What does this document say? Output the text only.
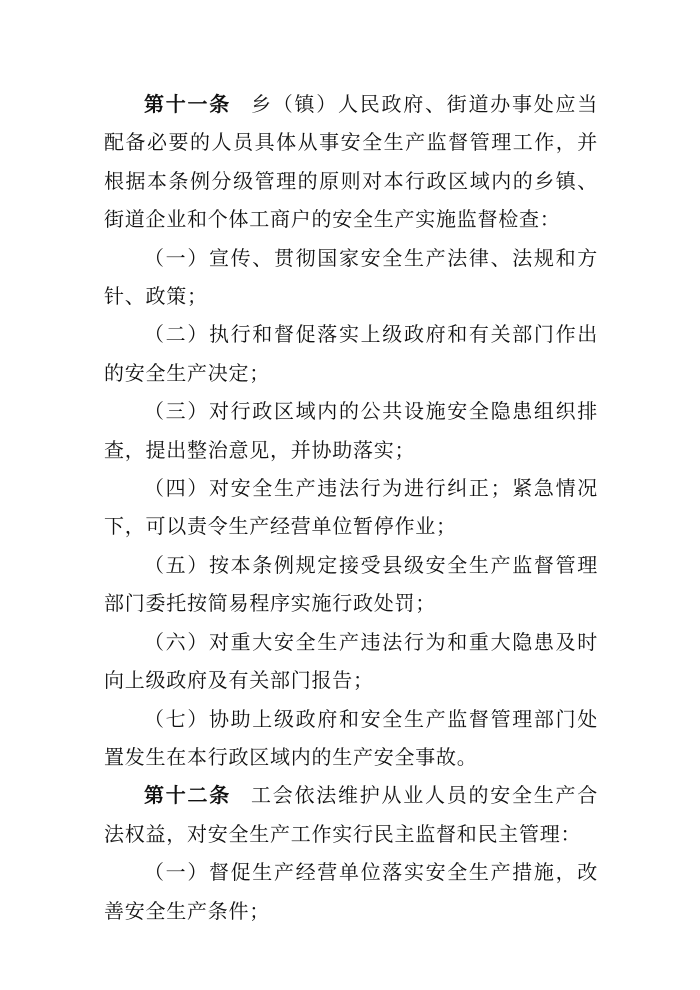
第十一条 乡（镇）人民政府、街道办事处应当配备必要的人员具体从事安全生产监督管理工作，并根据本条例分级管理的原则对本行政区域内的乡镇、街道企业和个体工商户的安全生产实施监督检查：

（一）宣传、贯彻国家安全生产法律、法规和方针、政策；

（二）执行和督促落实上级政府和有关部门作出的安全生产决定；

（三）对行政区域内的公共设施安全隐患组织排查，提出整治意见，并协助落实；

（四）对安全生产违法行为进行纠正；紧急情况下，可以责令生产经营单位暂停作业；

（五）按本条例规定接受县级安全生产监督管理部门委托按简易程序实施行政处罚；

（六）对重大安全生产违法行为和重大隐患及时向上级政府及有关部门报告；

（七）协助上级政府和安全生产监督管理部门处置发生在本行政区域内的生产安全事故。

第十二条 工会依法维护从业人员的安全生产合法权益，对安全生产工作实行民主监督和民主管理：

（一）督促生产经营单位落实安全生产措施，改善安全生产条件；
